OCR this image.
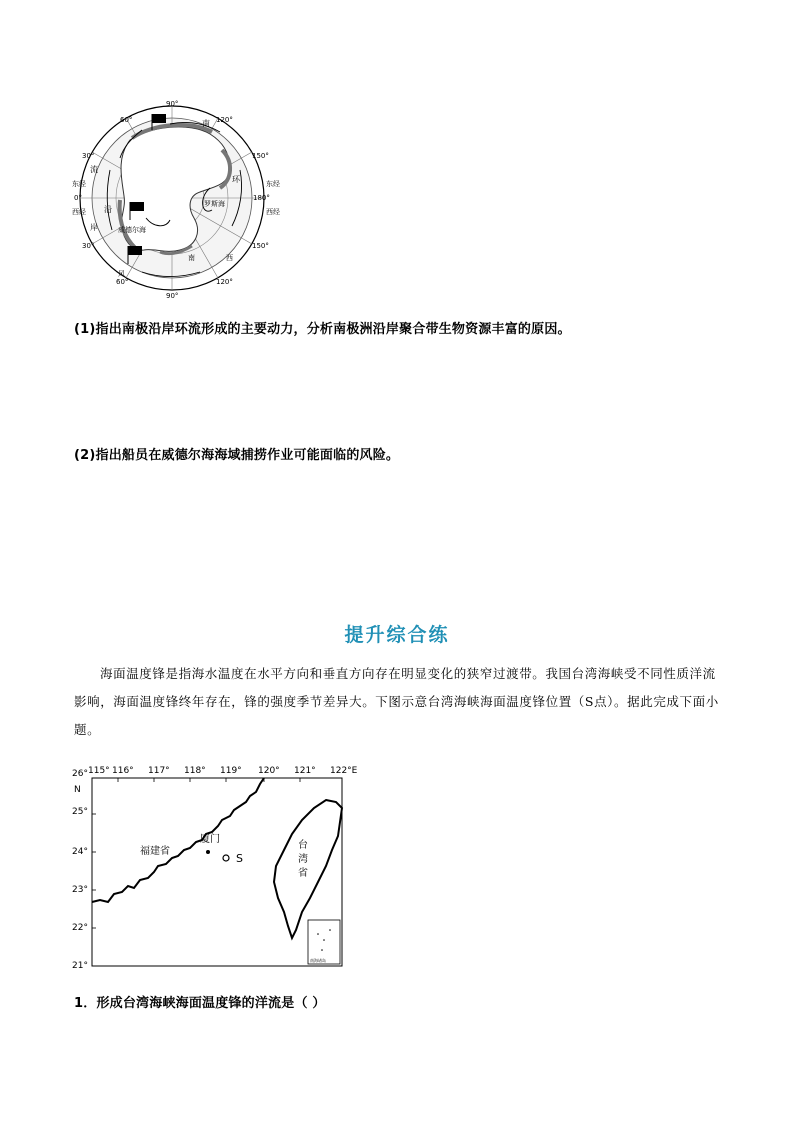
90°
120°
150°
180°
150°
120°
90°
60°
30°
0°
30°
60°
东经
西经
东经
西经
南
环
流
沿
岸
罗斯海
威德尔海
风
西
南
(1)指出南极沿岸环流形成的主要动力，分析南极洲沿岸聚合带生物资源丰富的原因。
(2)指出船员在威德尔海海域捕捞作业可能面临的风险。
提升综合练
海面温度锋是指海水温度在水平方向和垂直方向存在明显变化的狭窄过渡带。我国台湾海峡受不同性质洋流影响，海面温度锋终年存在，锋的强度季节差异大。下图示意台湾海峡海面温度锋位置（S点）。据此完成下面小题。
115° 116° 117° 118° 119° 120° 121° 122°E
26°
N
25°
24°
23°
22°
21°
南海诸岛
福建省
厦门
S
台
湾
省
1．形成台湾海峡海面温度锋的洋流是（ ）
